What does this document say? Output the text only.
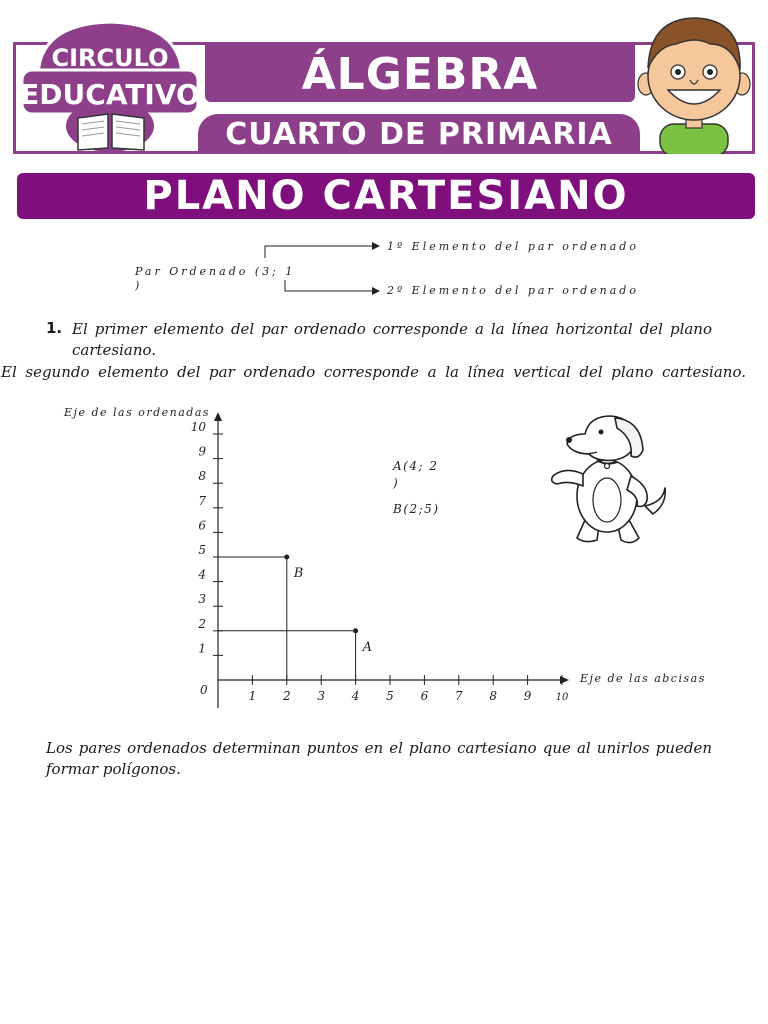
ÁLGEBRA
CUARTO DE PRIMARIA
CIRCULO
EDUCATIVO
PLANO CARTESIANO
Par Ordenado (3; 1
)
1º Elemento del par ordenado
2º Elemento del par ordenado
1. El primer elemento del par ordenado corresponde a la línea horizontal del plano cartesiano.
El segundo elemento del par ordenado corresponde a la línea vertical del plano cartesiano.
1 2 3 4 5 6 7 8 9 10
1
2
3
4
5
6
7
8
9
10
A
B
Eje de las ordenadas
Eje de las abcisas
0
A(4; 2
)
B(2;5)
Los pares ordenados determinan puntos en el plano cartesiano que al unirlos pueden formar polígonos.
